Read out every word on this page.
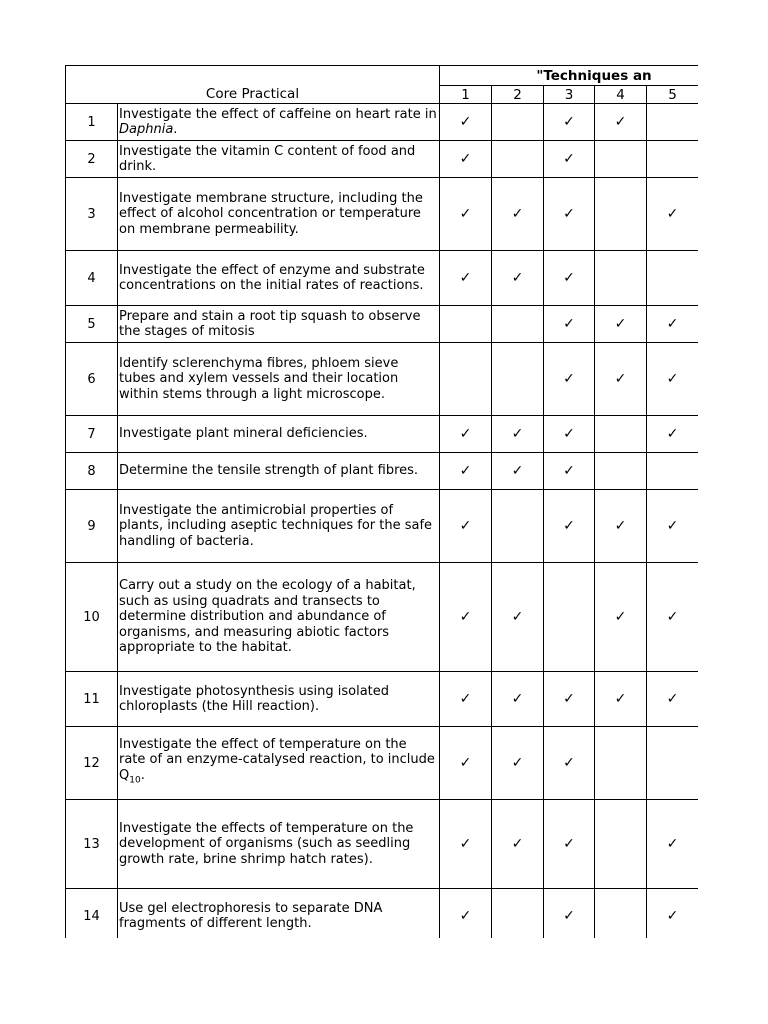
Core Practical		"Techniques an					
		1	2	3	4	5	
1	Investigate the effect of caffeine on heart rate in Daphnia.	✓		✓	✓		
2	Investigate the vitamin C content of food and drink.	✓		✓			
3	Investigate membrane structure, including the effect of alcohol concentration or temperature on membrane permeability.	✓	✓	✓		✓	
4	Investigate the effect of enzyme and substrate concentrations on the initial rates of reactions.	✓	✓	✓			
5	Prepare and stain a root tip squash to observe the stages of mitosis			✓	✓	✓	
6	Identify sclerenchyma fibres, phloem sieve tubes and xylem vessels and their location within stems through a light microscope.			✓	✓	✓	
7	Investigate plant mineral deficiencies.	✓	✓	✓		✓	
8	Determine the tensile strength of plant fibres.	✓	✓	✓			
9	Investigate the antimicrobial properties of plants, including aseptic techniques for the safe handling of bacteria.	✓		✓	✓	✓	
10	Carry out a study on the ecology of a habitat, such as using quadrats and transects to determine distribution and abundance of organisms, and measuring abiotic factors appropriate to the habitat.	✓	✓		✓	✓	
11	Investigate photosynthesis using isolated chloroplasts (the Hill reaction).	✓	✓	✓	✓	✓	
12	Investigate the effect of temperature on the rate of an enzyme-catalysed reaction, to include $Q_{10}$.	✓	✓	✓			
13	Investigate the effects of temperature on the development of organisms (such as seedling growth rate, brine shrimp hatch rates).	✓	✓	✓		✓	
14	Use gel electrophoresis to separate DNA fragments of different length.	✓		✓		✓	
